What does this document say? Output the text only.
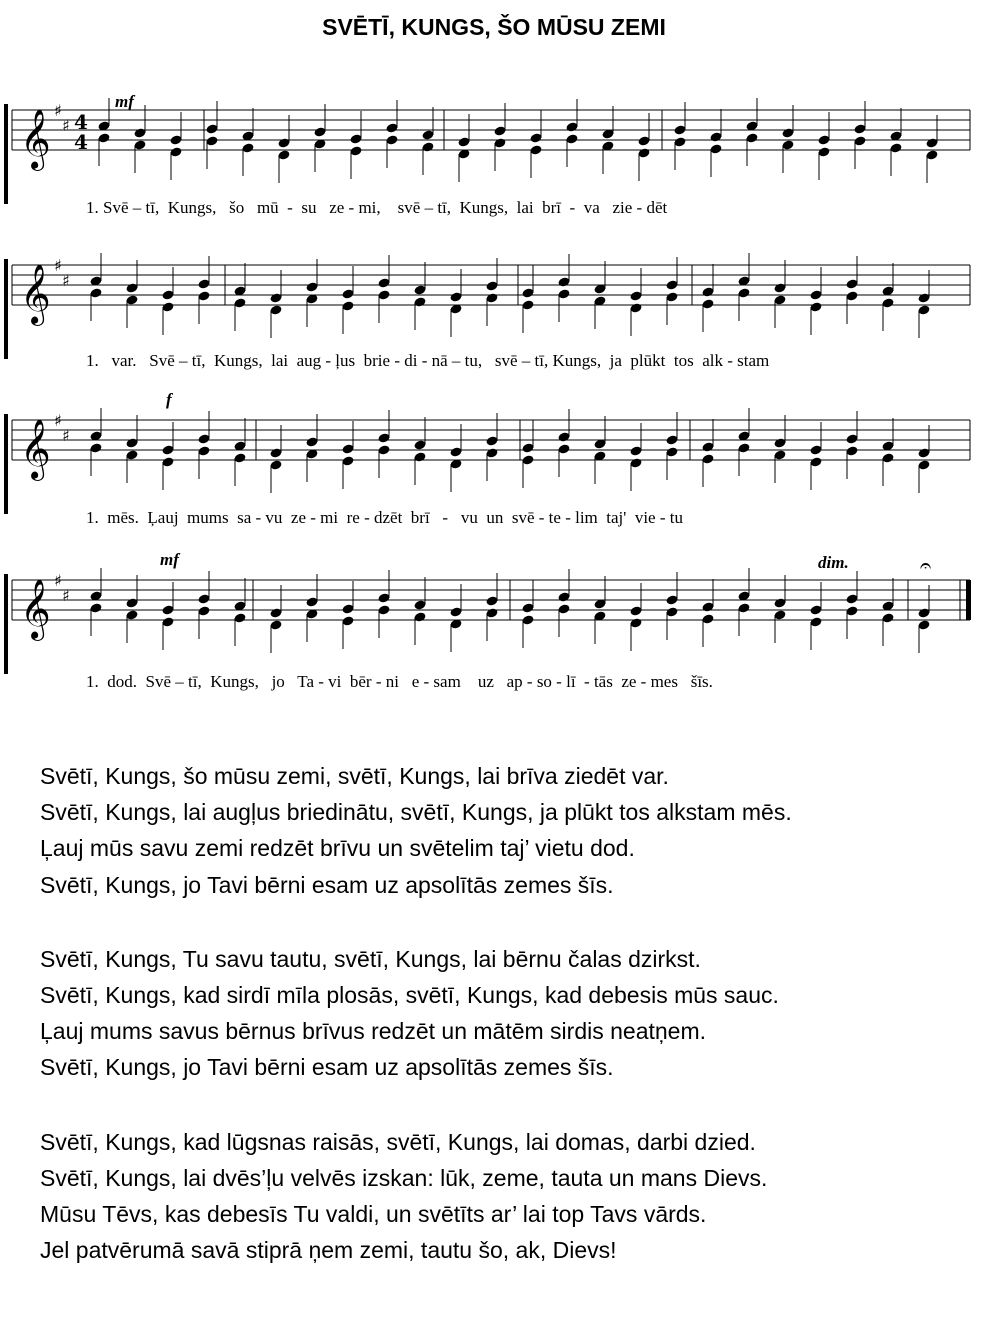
SVĒTĪ, KUNGS, ŠO MŪSU ZEMI
𝄞 ♯
♯ 4
4
mf
1. Svē – tī,  Kungs,   šo   mū  -  su   ze - mi,    svē – tī,  Kungs,  lai  brī  -  va   zie - dēt
𝄞 ♯
♯
1.   var.   Svē – tī,  Kungs,  lai  aug - ļus  brie - di - nā – tu,   svē – tī, Kungs,  ja  plūkt  tos  alk - stam
𝄞 ♯
♯
f
1.  mēs.  Ļauj  mums  sa - vu  ze - mi  re - dzēt  brī   -   vu  un  svē - te - lim  taj'  vie - tu
𝄞 ♯
♯
𝄐
mf	dim.
1.  dod.  Svē – tī,  Kungs,   jo   Ta - vi  bēr - ni   e - sam    uz   ap - so - lī  - tās  ze - mes   šīs.
Svētī, Kungs, šo mūsu zemi, svētī, Kungs, lai brīva ziedēt var.
Svētī, Kungs, lai augļus briedinātu, svētī, Kungs, ja plūkt tos alkstam mēs.
Ļauj mūs savu zemi redzēt brīvu un svētelim taj’ vietu dod.
Svētī, Kungs, jo Tavi bērni esam uz apsolītās zemes šīs.
Svētī, Kungs, Tu savu tautu, svētī, Kungs, lai bērnu čalas dzirkst.
Svētī, Kungs, kad sirdī mīla plosās, svētī, Kungs, kad debesis mūs sauc.
Ļauj mums savus bērnus brīvus redzēt un mātēm sirdis neatņem.
Svētī, Kungs, jo Tavi bērni esam uz apsolītās zemes šīs.
Svētī, Kungs, kad lūgsnas raisās, svētī, Kungs, lai domas, darbi dzied.
Svētī, Kungs, lai dvēs’ļu velvēs izskan: lūk, zeme, tauta un mans Dievs.
Mūsu Tēvs, kas debesīs Tu valdi, un svētīts ar’ lai top Tavs vārds.
Jel patvērumā savā stiprā ņem zemi, tautu šo, ak, Dievs!
